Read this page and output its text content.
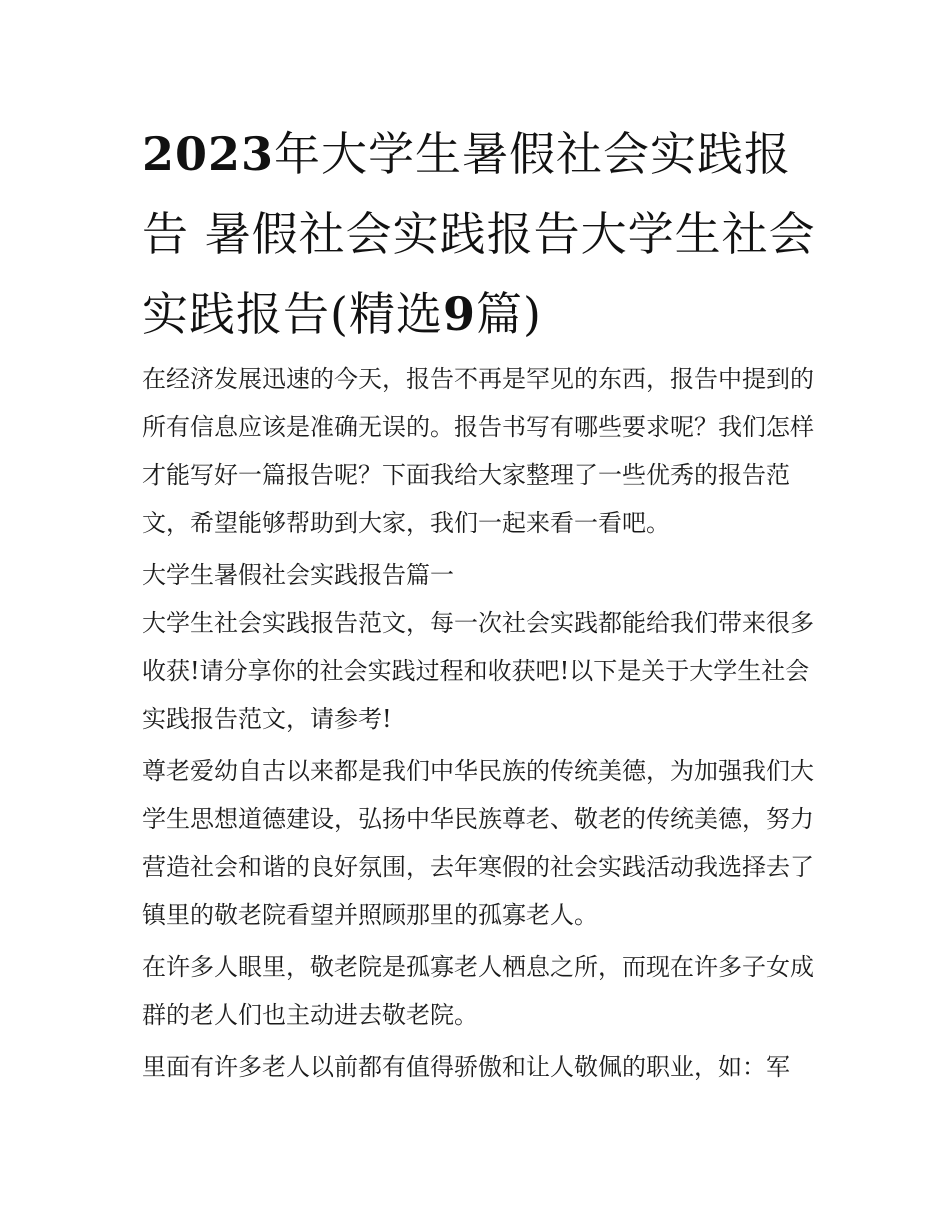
2023年大学生暑假社会实践报告 暑假社会实践报告大学生社会实践报告(精选9篇)

在经济发展迅速的今天，报告不再是罕见的东西，报告中提到的所有信息应该是准确无误的。报告书写有哪些要求呢？我们怎样才能写好一篇报告呢？下面我给大家整理了一些优秀的报告范文，希望能够帮助到大家，我们一起来看一看吧。

大学生暑假社会实践报告篇一

大学生社会实践报告范文，每一次社会实践都能给我们带来很多收获!请分享你的社会实践过程和收获吧!以下是关于大学生社会实践报告范文，请参考!

尊老爱幼自古以来都是我们中华民族的传统美德，为加强我们大学生思想道德建设，弘扬中华民族尊老、敬老的传统美德，努力营造社会和谐的良好氛围，去年寒假的社会实践活动我选择去了镇里的敬老院看望并照顾那里的孤寡老人。

在许多人眼里，敬老院是孤寡老人栖息之所，而现在许多子女成群的老人们也主动进去敬老院。

里面有许多老人以前都有值得骄傲和让人敬佩的职业，如：军
